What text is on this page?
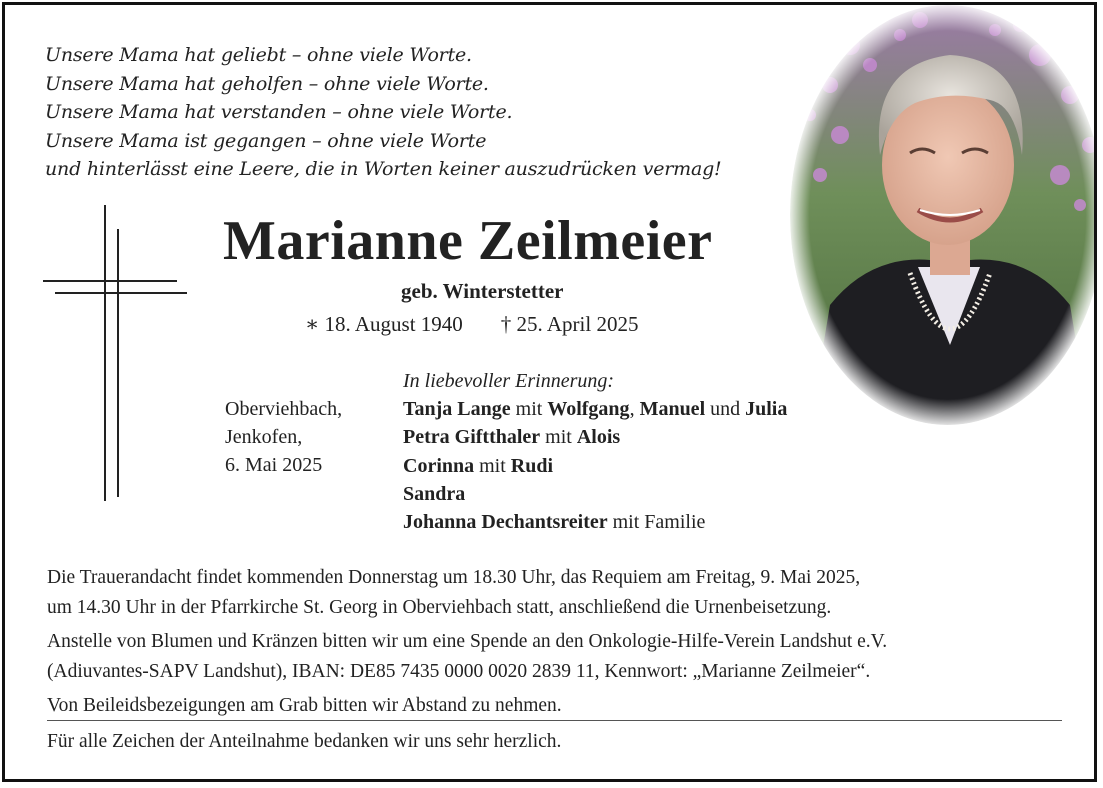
Unsere Mama hat geliebt – ohne viele Worte.
Unsere Mama hat geholfen – ohne viele Worte.
Unsere Mama hat verstanden – ohne viele Worte.
Unsere Mama ist gegangen – ohne viele Worte
und hinterlässt eine Leere, die in Worten keiner auszudrücken vermag!
Marianne Zeilmeier
geb. Winterstetter
∗ 18. August 1940 † 25. April 2025
Oberviehbach,
Jenkofen,
6. Mai 2025
In liebevoller Erinnerung:
Tanja Lange mit Wolfgang, Manuel und Julia
Petra Giftthaler mit Alois
Corinna mit Rudi
Sandra
Johanna Dechantsreiter mit Familie

Die Trauerandacht findet kommenden Donnerstag um 18.30 Uhr, das Requiem am Freitag, 9. Mai 2025,

um 14.30 Uhr in der Pfarrkirche St. Georg in Oberviehbach statt, anschließend die Urnenbeisetzung.

Anstelle von Blumen und Kränzen bitten wir um eine Spende an den Onkologie-Hilfe-Verein Landshut e.V.

(Adiuvantes-SAPV Landshut), IBAN: DE85 7435 0000 0020 2839 11, Kennwort: „Marianne Zeilmeier“.

Von Beileidsbezeigungen am Grab bitten wir Abstand zu nehmen.

Für alle Zeichen der Anteilnahme bedanken wir uns sehr herzlich.
